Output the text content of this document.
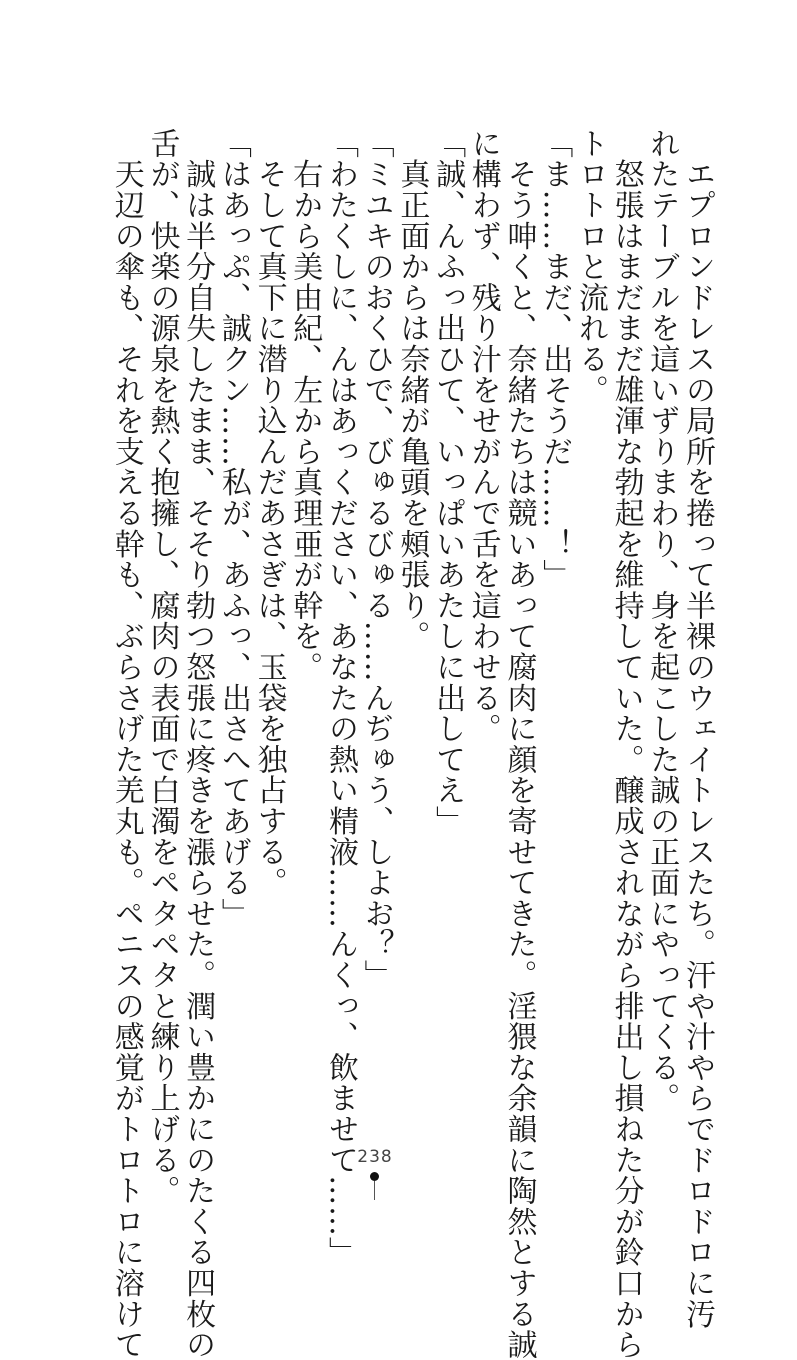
　エプロンドレスの局所を捲って半裸のウェイトレスたち。汗や汁やらでドロドロに汚
れたテーブルを這いずりまわり、身を起こした誠の正面にやってくる。
　怒張はまだまだ雄渾な勃起を維持していた。醸成されながら排出し損ねた分が鈴口から
トロトロと流れる。
「ま……まだ、出そうだ……！」
　そう呻くと、奈緒たちは競いあって腐肉に顔を寄せてきた。淫猥な余韻に陶然とする誠
に構わず、残り汁をせがんで舌を這わせる。
「誠、んふっ出ひて、いっぱいあたしに出してえ」
　真正面からは奈緒が亀頭を頰張り。
「ミユキのおくひで、びゅるびゅる……んぢゅう、しよお？」
「わたくしに、んはあっください、あなたの熱い精液……んくっ、飲ませて……」
　右から美由紀、左から真理亜が幹を。
　そして真下に潜り込んだあさぎは、玉袋を独占する。
「はあっぷ、誠クン……私が、あふっ、出さへてあげる」
　誠は半分自失したまま、そそり勃つ怒張に疼きを漲らせた。潤い豊かにのたくる四枚の
舌が、快楽の源泉を熱く抱擁し、腐肉の表面で白濁をペタペタと練り上げる。
　天辺の傘も、それを支える幹も、ぶらさげた羌丸も。ペニスの感覚がトロトロに溶けて	238
